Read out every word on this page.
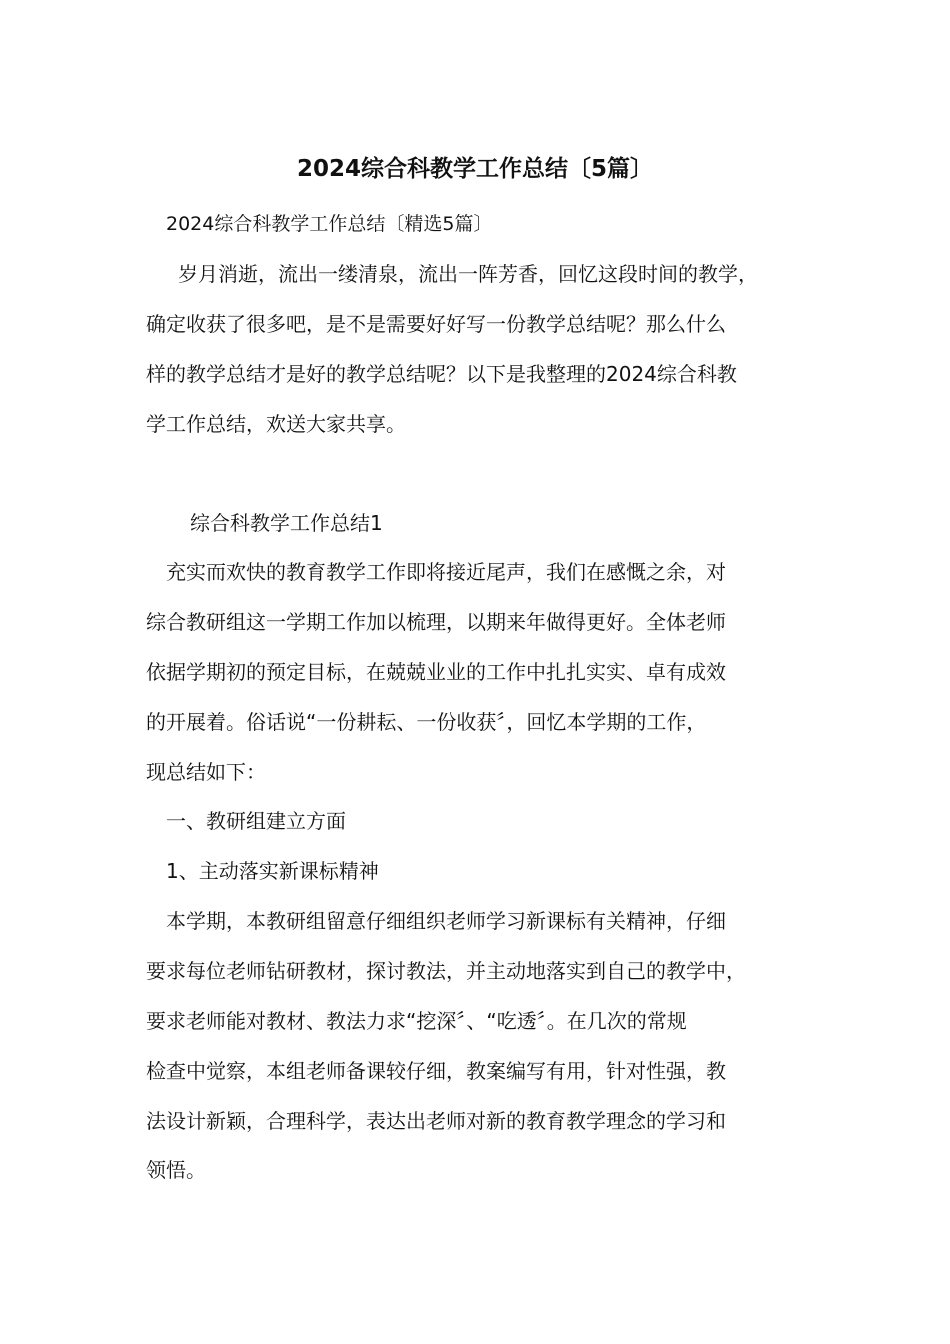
2024综合科教学工作总结〔5篇〕

2024综合科教学工作总结〔精选5篇〕

岁月消逝，流出一缕清泉，流出一阵芳香，回忆这段时间的教学，

确定收获了很多吧，是不是需要好好写一份教学总结呢？那么什么

样的教学总结才是好的教学总结呢？以下是我整理的2024综合科教

学工作总结，欢送大家共享。

综合科教学工作总结1

充实而欢快的教育教学工作即将接近尾声，我们在感慨之余，对

综合教研组这一学期工作加以梳理，以期来年做得更好。全体老师

依据学期初的预定目标，在兢兢业业的工作中扎扎实实、卓有成效

的开展着。俗话说“一份耕耘、一份收获〞，回忆本学期的工作，

现总结如下：

一、教研组建立方面

1、主动落实新课标精神

本学期，本教研组留意仔细组织老师学习新课标有关精神，仔细

要求每位老师钻研教材，探讨教法，并主动地落实到自己的教学中，

要求老师能对教材、教法力求“挖深〞、“吃透〞。在几次的常规

检查中觉察，本组老师备课较仔细，教案编写有用，针对性强，教

法设计新颖，合理科学，表达出老师对新的教育教学理念的学习和

领悟。
